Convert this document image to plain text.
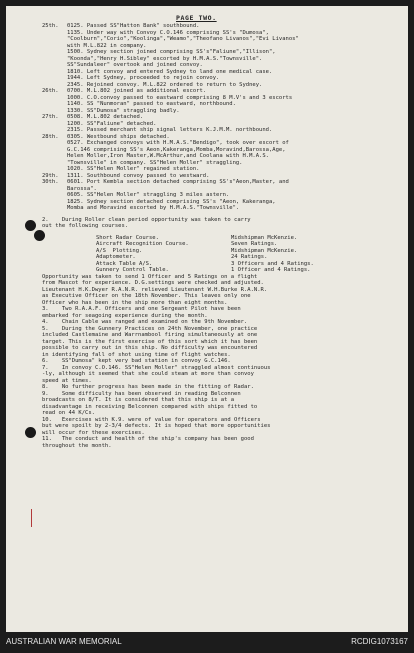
PAGE TWO.
25th.	0125. Passed SS"Hatton Bank" southbound.
1135. Under way with Convoy C.O.146 comprising SS's "Dumosa",
"Coolburn","Corio","Koolinga","Weamo","Theofano Livanos","Evi Livanos"
with M.L.822 in company.
1500. Sydney section joined comprising SS's"Faliune","Illison",
"Koonda","Henry H.Sibley" escorted by H.M.A.S."Townsville".
SS"Sundaleer" overtook and joined convoy.
1810. Left convoy and entered Sydney to land one medical case.
1944. Left Sydney, proceeded to rejoin convoy.
2345. Rejoined convoy. M.L.822 ordered to return to Sydney.
26th.	0700. M.L.802 joined as additional escort.
1000. C.O.convoy passed to eastward comprising 8 M.V's and 3 escorts
1140. SS "Nunmoran" passed to eastward, northbound.
1330. SS"Dumosa" straggling badly.
27th.	0508. M.L.802 detached.
1200. SS"Faliune" detached.
2315. Passed merchant ship signal letters K.J.M.M. northbound.
28th.	0305. Westbound ships detached.
0527. Exchanged convoys with H.M.A.S."Bendigo", took over escort of
G.C.146 comprising SS's Aeon,Kakeranga,Momba,Moravind,Barossa,Age,
Helen Moller,Iron Master,W.McArthur,and Coolana with H.M.A.S.
"Townsville" in company. SS"Helen Moller" straggling.
1020. SS"Helen Moller" regained station.
29th.	1311. Southbound convoy passed to westward.
30th.	0601. Port Kembla section detached comprising SS's"Aeon,Master, and
Barossa".
0605. SS"Helen Moller" straggling 3 miles astern.
1825. Sydney section detached comprising SS's "Aeon, Kakeranga,
Momba and Moravind escorted by H.M.A.S."Townsville".
2.    During Roller clean period opportunity was taken to carry
out the following courses.
Short Radar Course.	Midshipman McKenzie.
Aircraft Recognition Course.	Seven Ratings.
A/S  Plotting.	Midshipman McKenzie.
Adaptometer.	24 Ratings.
Attack Table A/S.	3 Officers and 4 Ratings.
Gunnery Control Table.	1 Officer and 4 Ratings.
Opportunity was taken to send 1 Officer and 5 Ratings on a flight
from Mascot for experience. D.G.settings were checked and adjusted.
Lieutenant H.K.Dwyer R.A.N.R. relieved Lieutenant W.H.Burke R.A.N.R.
as Executive Officer on the 18th November. This leaves only one
Officer who has been in the ship more than eight months.
3.    Two R.A.A.F. Officers and one Sergeant Pilot have been
embarked for seagoing experience during the month.
4.    Chain Cable was ranged and examined on the 9th November.
5.    During the Gunnery Practices on 24th November, one practice
included Castlemaine and Warrnambool firing simultaneously at one
target. This is the first exercise of this sort which it has been
possible to carry out in this ship. No difficulty was encountered
in identifying fall of shot using time of flight watches.
6.    SS"Dumosa" kept very bad station in convoy G.C.146.
7.    In convoy C.O.146. SS"Helen Moller" straggled almost continuous
-ly, although it seemed that she could steam at more than convoy
speed at times.
8.    No further progress has been made in the fitting of Radar.
9.    Some difficulty has been observed in reading Belconnen
broadcasts on 8/T. It is considered that this ship is at a
disadvantage in receiving Belconnen compared with ships fitted to
read on 44 K/Cs.
10.   Exercises with K.9. were of value for operators and Officers
but were spoilt by 2-3/4 defects. It is hoped that more opportunities
will occur for these exercises.
11.   The conduct and health of the ship's company has been good
throughout the month.
AUSTRALIAN WAR MEMORIAL	RCDIG1073167
